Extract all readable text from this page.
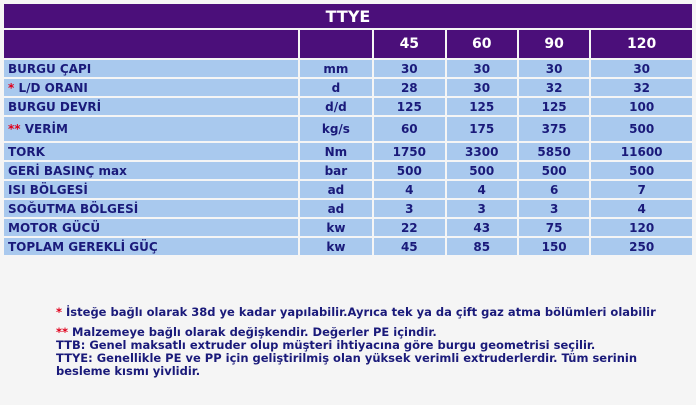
TTYE					
		45	60	90	120
BURGU ÇAPI	mm	30	30	30	30
* L/D ORANI	d	28	30	32	32
BURGU DEVRİ	d/d	125	125	125	100
** VERİM	kg/s	60	175	375	500
TORK	Nm	1750	3300	5850	11600
GERİ BASINÇ max	bar	500	500	500	500
ISI BÖLGESİ	ad	4	4	6	7
SOĞUTMA BÖLGESİ	ad	3	3	3	4
MOTOR GÜCÜ	kw	22	43	75	120
TOPLAM GEREKLİ GÜÇ	kw	45	85	150	250

* İsteğe bağlı olarak 38d ye kadar yapılabilir.Ayrıca tek ya da çift gaz atma bölümleri olabilir

** Malzemeye bağlı olarak değişkendir. Değerler PE içindir.

TTB: Genel maksatlı extruder olup müşteri ihtiyacına göre burgu geometrisi seçilir.

TTYE: Genellikle PE ve PP için geliştirilmiş olan yüksek verimli extruderlerdir. Tüm serinin besleme kısmı yivlidir.
